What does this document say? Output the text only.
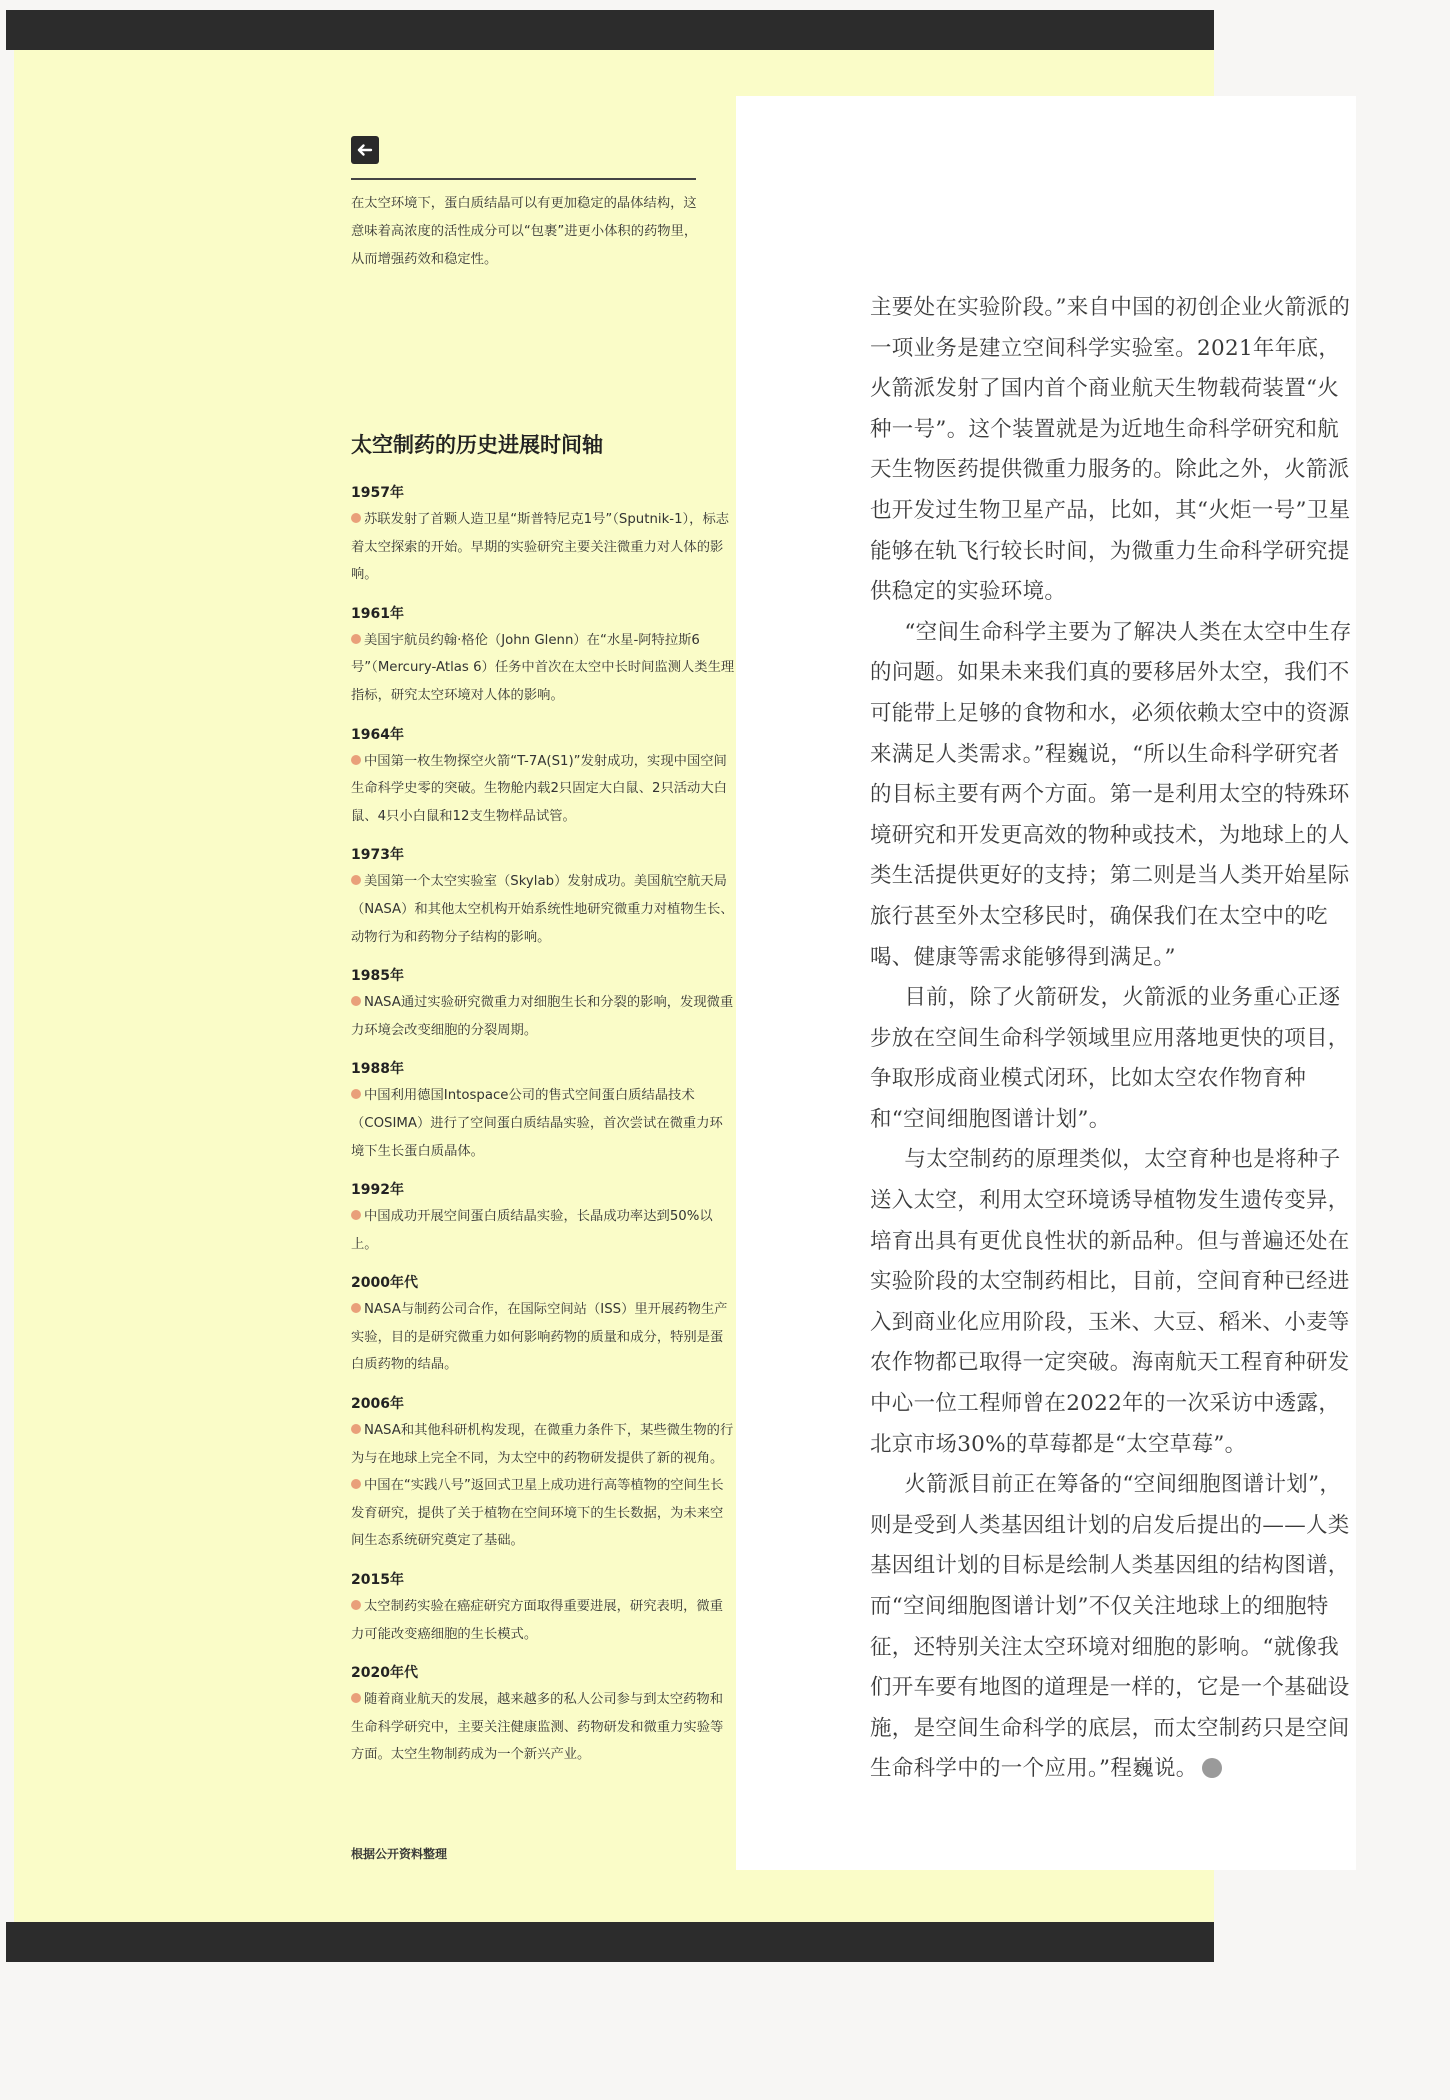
在太空环境下，蛋白质结晶可以有更加稳定的晶体结构，这意味着高浓度的活性成分可以“包裹”进更小体积的药物里，从而增强药效和稳定性。
太空制药的历史进展时间轴
1957年
苏联发射了首颗人造卫星“斯普特尼克1号”（Sputnik-1），标志着太空探索的开始。早期的实验研究主要关注微重力对人体的影响。
1961年
美国宇航员约翰·格伦（John Glenn）在“水星-阿特拉斯6号”（Mercury-Atlas 6）任务中首次在太空中长时间监测人类生理指标，研究太空环境对人体的影响。
1964年
中国第一枚生物探空火箭“T-7A(S1)”发射成功，实现中国空间生命科学史零的突破。生物舱内载2只固定大白鼠、2只活动大白鼠、4只小白鼠和12支生物样品试管。
1973年
美国第一个太空实验室（Skylab）发射成功。美国航空航天局（NASA）和其他太空机构开始系统性地研究微重力对植物生长、动物行为和药物分子结构的影响。
1985年
NASA通过实验研究微重力对细胞生长和分裂的影响，发现微重力环境会改变细胞的分裂周期。
1988年
中国利用德国Intospace公司的售式空间蛋白质结晶技术（COSIMA）进行了空间蛋白质结晶实验，首次尝试在微重力环境下生长蛋白质晶体。
1992年
中国成功开展空间蛋白质结晶实验，长晶成功率达到50%以上。
2000年代
NASA与制药公司合作，在国际空间站（ISS）里开展药物生产实验，目的是研究微重力如何影响药物的质量和成分，特别是蛋白质药物的结晶。
2006年
NASA和其他科研机构发现，在微重力条件下，某些微生物的行为与在地球上完全不同，为太空中的药物研发提供了新的视角。
中国在“实践八号”返回式卫星上成功进行高等植物的空间生长发育研究，提供了关于植物在空间环境下的生长数据，为未来空间生态系统研究奠定了基础。
2015年
太空制药实验在癌症研究方面取得重要进展，研究表明，微重力可能改变癌细胞的生长模式。
2020年代
随着商业航天的发展，越来越多的私人公司参与到太空药物和生命科学研究中，主要关注健康监测、药物研发和微重力实验等方面。太空生物制药成为一个新兴产业。
根据公开资料整理

主要处在实验阶段。”来自中国的初创企业火箭派的一项业务是建立空间科学实验室。2021年年底，火箭派发射了国内首个商业航天生物载荷装置“火种一号”。这个装置就是为近地生命科学研究和航天生物医药提供微重力服务的。除此之外，火箭派也开发过生物卫星产品，比如，其“火炬一号”卫星能够在轨飞行较长时间，为微重力生命科学研究提供稳定的实验环境。

“空间生命科学主要为了解决人类在太空中生存的问题。如果未来我们真的要移居外太空，我们不可能带上足够的食物和水，必须依赖太空中的资源来满足人类需求。”程巍说，“所以生命科学研究者的目标主要有两个方面。第一是利用太空的特殊环境研究和开发更高效的物种或技术，为地球上的人类生活提供更好的支持；第二则是当人类开始星际旅行甚至外太空移民时，确保我们在太空中的吃喝、健康等需求能够得到满足。”

目前，除了火箭研发，火箭派的业务重心正逐步放在空间生命科学领域里应用落地更快的项目，争取形成商业模式闭环，比如太空农作物育种和“空间细胞图谱计划”。

与太空制药的原理类似，太空育种也是将种子送入太空，利用太空环境诱导植物发生遗传变异，培育出具有更优良性状的新品种。但与普遍还处在实验阶段的太空制药相比，目前，空间育种已经进入到商业化应用阶段，玉米、大豆、稻米、小麦等农作物都已取得一定突破。海南航天工程育种研发中心一位工程师曾在2022年的一次采访中透露，北京市场30%的草莓都是“太空草莓”。

火箭派目前正在筹备的“空间细胞图谱计划”，则是受到人类基因组计划的启发后提出的——人类基因组计划的目标是绘制人类基因组的结构图谱，而“空间细胞图谱计划”不仅关注地球上的细胞特征，还特别关注太空环境对细胞的影响。“就像我们开车要有地图的道理是一样的，它是一个基础设施，是空间生命科学的底层，而太空制药只是空间生命科学中的一个应用。”程巍说。
